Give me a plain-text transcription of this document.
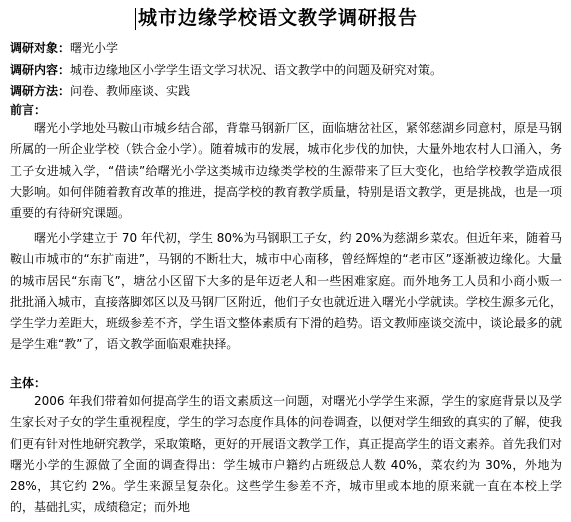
城市边缘学校语文教学调研报告
调研对象：曙光小学
调研内容：城市边缘地区小学学生语文学习状况、语文教学中的问题及研究对策。
调研方法：问卷、教师座谈、实践
前言：
曙光小学地处马鞍山市城乡结合部，背靠马钢新厂区，面临塘岔社区，紧邻慈湖乡同意村，原是马钢所属的一所企业学校（铁合金小学）。随着城市的发展，城市化步伐的加快，大量外地农村人口涌入，务工子女进城入学，“借读”给曙光小学这类城市边缘类学校的生源带来了巨大变化，也给学校教学造成很大影响。如何伴随着教育改革的推进，提高学校的教育教学质量，特别是语文教学，更是挑战，也是一项重要的有待研究课题。
曙光小学建立于 70 年代初，学生 80%为马钢职工子女，约 20%为慈湖乡菜农。但近年来，随着马鞍山市城市的“东扩南进”，马钢的不断壮大，城市中心南移，曾经辉煌的“老市区”逐渐被边缘化。大量的城市居民“东南飞”，塘岔小区留下大多的是年迈老人和一些困难家庭。而外地务工人员和小商小贩一批批涌入城市，直接落脚郊区以及马钢厂区附近，他们子女也就近进入曙光小学就读。学校生源多元化，学生学力差距大，班级参差不齐，学生语文整体素质有下滑的趋势。语文教师座谈交流中，谈论最多的就是学生难“教”了，语文教学面临艰难抉择。
主体：
2006 年我们带着如何提高学生的语文素质这一问题，对曙光小学学生来源，学生的家庭背景以及学生家长对子女的学生重视程度，学生的学习态度作具体的问卷调查，以便对学生细致的真实的了解，使我们更有针对性地研究教学，采取策略，更好的开展语文教学工作，真正提高学生的语文素养。首先我们对曙光小学的生源做了全面的调查得出：学生城市户籍约占班级总人数 40%，菜农约为 30%，外地为 28%，其它约 2%。学生来源呈复杂化。这些学生参差不齐，城市里或本地的原来就一直在本校上学的，基础扎实，成绩稳定；而外地
